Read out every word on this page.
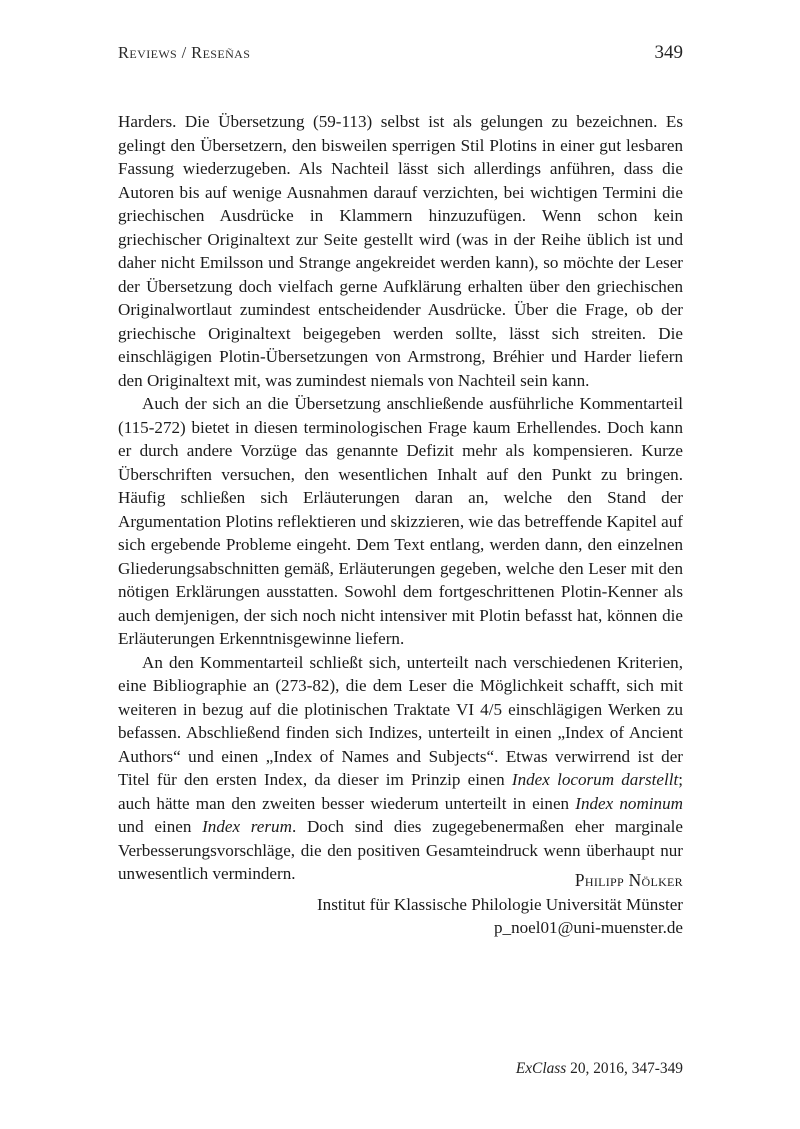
Reviews / Reseñas	349

Harders. Die Übersetzung (59-113) selbst ist als gelungen zu bezeichnen. Es gelingt den Übersetzern, den bisweilen sperrigen Stil Plotins in einer gut lesbaren Fassung wiederzugeben. Als Nachteil lässt sich allerdings anführen, dass die Autoren bis auf wenige Ausnahmen darauf verzichten, bei wichtigen Termini die griechischen Ausdrücke in Klammern hinzuzufügen. Wenn schon kein griechischer Originaltext zur Seite gestellt wird (was in der Reihe üblich ist und daher nicht Emilsson und Strange angekreidet werden kann), so möchte der Leser der Übersetzung doch vielfach gerne Aufklärung erhalten über den griechischen Originalwortlaut zumindest entscheidender Ausdrücke. Über die Frage, ob der griechische Originaltext beigegeben werden sollte, lässt sich streiten. Die einschlägigen Plotin-Übersetzungen von Armstrong, Bréhier und Harder liefern den Originaltext mit, was zumindest niemals von Nachteil sein kann.

Auch der sich an die Übersetzung anschließende ausführliche Kommentarteil (115-272) bietet in diesen terminologischen Frage kaum Erhellendes. Doch kann er durch andere Vorzüge das genannte Defizit mehr als kompensieren. Kurze Überschriften versuchen, den wesentlichen Inhalt auf den Punkt zu bringen. Häufig schließen sich Erläuterungen daran an, welche den Stand der Argumentation Plotins reflektieren und skizzieren, wie das betreffende Kapitel auf sich ergebende Probleme eingeht. Dem Text entlang, werden dann, den einzelnen Gliederungsabschnitten gemäß, Erläuterungen gegeben, welche den Leser mit den nötigen Erklärungen ausstatten. Sowohl dem fortgeschrittenen Plotin-Kenner als auch demjenigen, der sich noch nicht intensiver mit Plotin befasst hat, können die Erläuterungen Erkenntnisgewinne liefern.

An den Kommentarteil schließt sich, unterteilt nach verschiedenen Kriterien, eine Bibliographie an (273-82), die dem Leser die Möglichkeit schafft, sich mit weiteren in bezug auf die plotinischen Traktate VI 4/5 einschlägigen Werken zu befassen. Abschließend finden sich Indizes, unterteilt in einen „Index of Ancient Authors“ und einen „Index of Names and Subjects“. Etwas verwirrend ist der Titel für den ersten Index, da dieser im Prinzip einen Index locorum darstellt; auch hätte man den zweiten besser wiederum unterteilt in einen Index nominum und einen Index rerum. Doch sind dies zugegebenermaßen eher marginale Verbesserungsvorschläge, die den positiven Gesamteindruck wenn überhaupt nur unwesentlich vermindern.	Philipp Nölker
Institut für Klassische Philologie Universität Münster
p_noel01@uni-muenster.de
ExClass 20, 2016, 347-349
